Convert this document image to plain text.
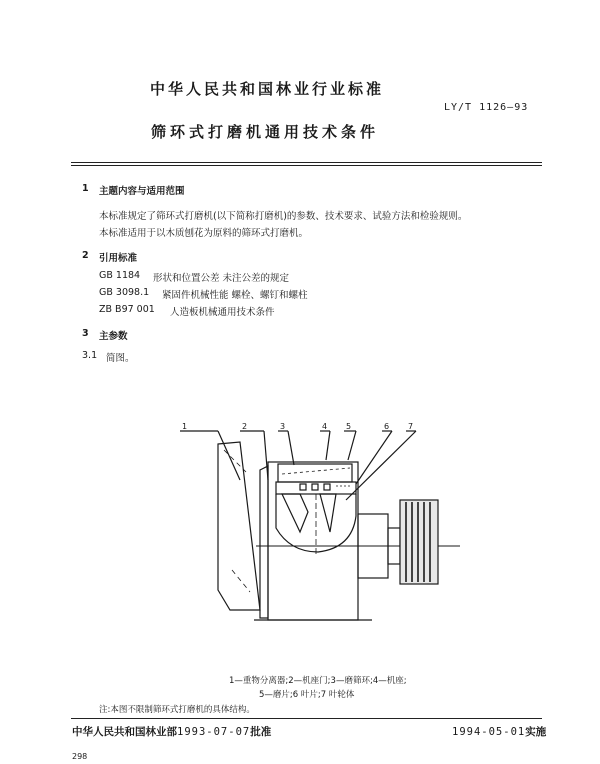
中华人民共和国林业行业标准
LY/T 1126—93
筛环式打磨机通用技术条件
1 主题内容与适用范围
本标准规定了筛环式打磨机(以下简称打磨机)的参数、技术要求、试验方法和检验规则。
本标准适用于以木质刨花为原料的筛环式打磨机。
2 引用标准
GB 1184 形状和位置公差 未注公差的规定
GB 3098.1 紧固件机械性能 螺栓、螺钉和螺柱
ZB B97 001 人造板机械通用技术条件
3 主参数
3.1 简图。
1	2	3	4 5	6 7
1—重物分离器;2—机座门;3—磨筛环;4—机座;
5—磨片;6 叶片;7 叶轮体
注:本图不限制筛环式打磨机的具体结构。
中华人民共和国林业部1993-07-07批准	1994-05-01实施
298
